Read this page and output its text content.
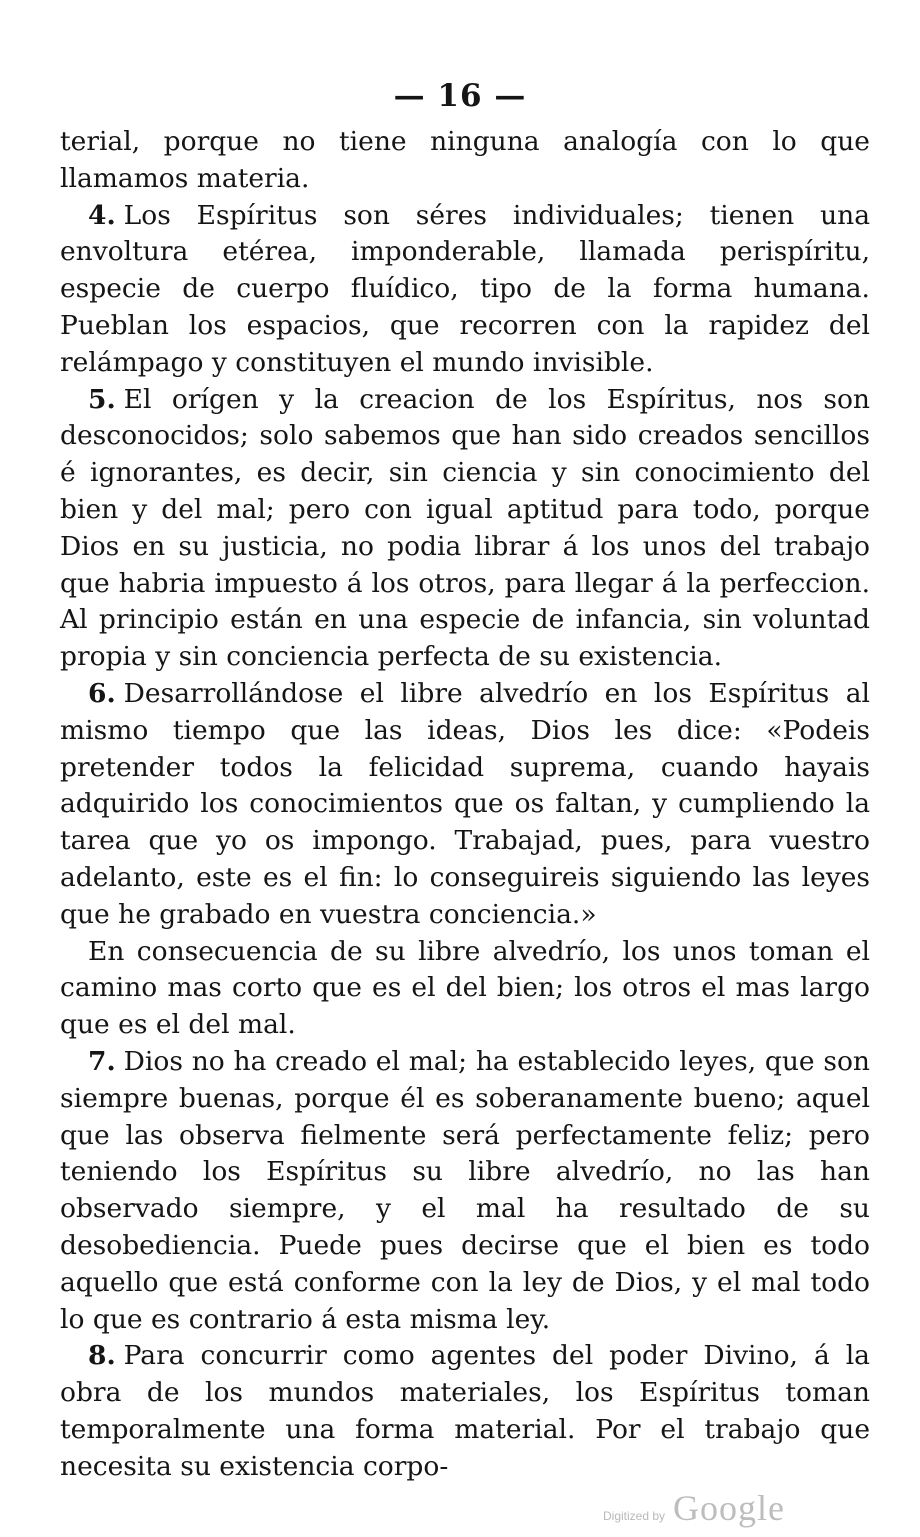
— 16 —

terial, porque no tiene ninguna analogía con lo que llamamos materia.

4. Los Espíritus son séres individuales; tienen una envoltura etérea, imponderable, llamada perispíritu, especie de cuerpo fluídico, tipo de la forma humana. Pueblan los espacios, que recorren con la rapidez del relámpago y constituyen el mundo invisible.

5. El orígen y la creacion de los Espíritus, nos son desconocidos; solo sabemos que han sido creados sencillos é ignorantes, es decir, sin ciencia y sin conocimiento del bien y del mal; pero con igual aptitud para todo, porque Dios en su justicia, no podia librar á los unos del trabajo que habria impuesto á los otros, para llegar á la perfeccion. Al principio están en una especie de infancia, sin voluntad propia y sin conciencia perfecta de su existencia.

6. Desarrollándose el libre alvedrío en los Espíritus al mismo tiempo que las ideas, Dios les dice: «Podeis pretender todos la felicidad suprema, cuando hayais adquirido los conocimientos que os faltan, y cumpliendo la tarea que yo os impongo. Trabajad, pues, para vuestro adelanto, este es el fin: lo conseguireis siguiendo las leyes que he grabado en vuestra conciencia.»

En consecuencia de su libre alvedrío, los unos toman el camino mas corto que es el del bien; los otros el mas largo que es el del mal.

7. Dios no ha creado el mal; ha establecido leyes, que son siempre buenas, porque él es soberanamente bueno; aquel que las observa fielmente será perfectamente feliz; pero teniendo los Espíritus su libre alvedrío, no las han observado siempre, y el mal ha resultado de su desobediencia. Puede pues decirse que el bien es todo aquello que está conforme con la ley de Dios, y el mal todo lo que es contrario á esta misma ley.

8. Para concurrir como agentes del poder Divino, á la obra de los mundos materiales, los Espíritus toman temporalmente una forma material. Por el trabajo que necesita su existencia corpo-

Digitized by Google
